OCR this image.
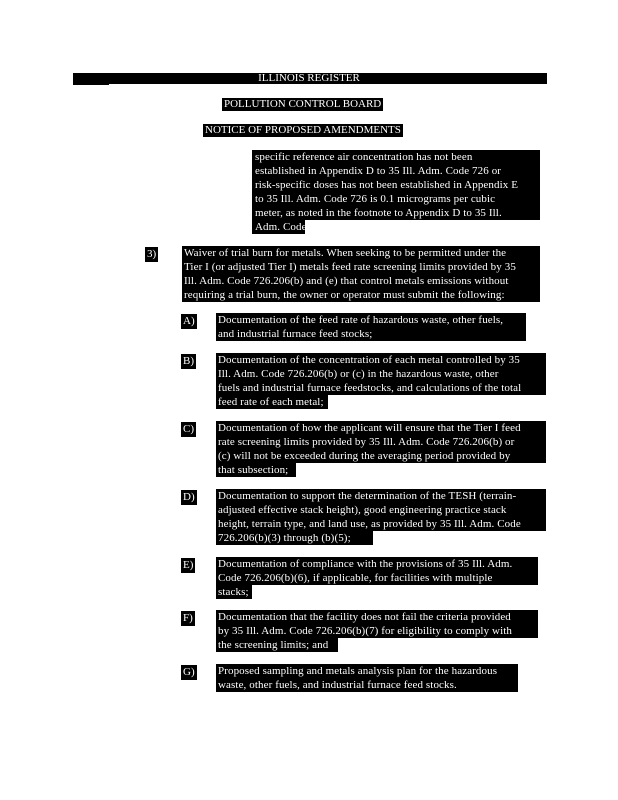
ILLINOIS REGISTER
POLLUTION CONTROL BOARD
NOTICE OF PROPOSED AMENDMENTS
specific reference air concentration has not been
established in Appendix D to 35 Ill. Adm. Code 726 or
risk-specific doses has not been established in Appendix E
to 35 Ill. Adm. Code 726 is 0.1 micrograms per cubic
meter, as noted in the footnote to Appendix D to 35 Ill.
Adm. Code 726.
3)	Waiver of trial burn for metals. When seeking to be permitted under the
Tier I (or adjusted Tier I) metals feed rate screening limits provided by 35
Ill. Adm. Code 726.206(b) and (e) that control metals emissions without
requiring a trial burn, the owner or operator must submit the following:
A) Documentation of the feed rate of hazardous waste, other fuels,
and industrial furnace feed stocks;
B) Documentation of the concentration of each metal controlled by 35
Ill. Adm. Code 726.206(b) or (c) in the hazardous waste, other
fuels and industrial furnace feedstocks, and calculations of the total
feed rate of each metal;
C) Documentation of how the applicant will ensure that the Tier I feed
rate screening limits provided by 35 Ill. Adm. Code 726.206(b) or
(c) will not be exceeded during the averaging period provided by
that subsection;
D) Documentation to support the determination of the TESH (terrain-
adjusted effective stack height), good engineering practice stack
height, terrain type, and land use, as provided by 35 Ill. Adm. Code
726.206(b)(3) through (b)(5);
E) Documentation of compliance with the provisions of 35 Ill. Adm.
Code 726.206(b)(6), if applicable, for facilities with multiple
stacks;
F) Documentation that the facility does not fail the criteria provided
by 35 Ill. Adm. Code 726.206(b)(7) for eligibility to comply with
the screening limits; and
G) Proposed sampling and metals analysis plan for the hazardous
waste, other fuels, and industrial furnace feed stocks.
